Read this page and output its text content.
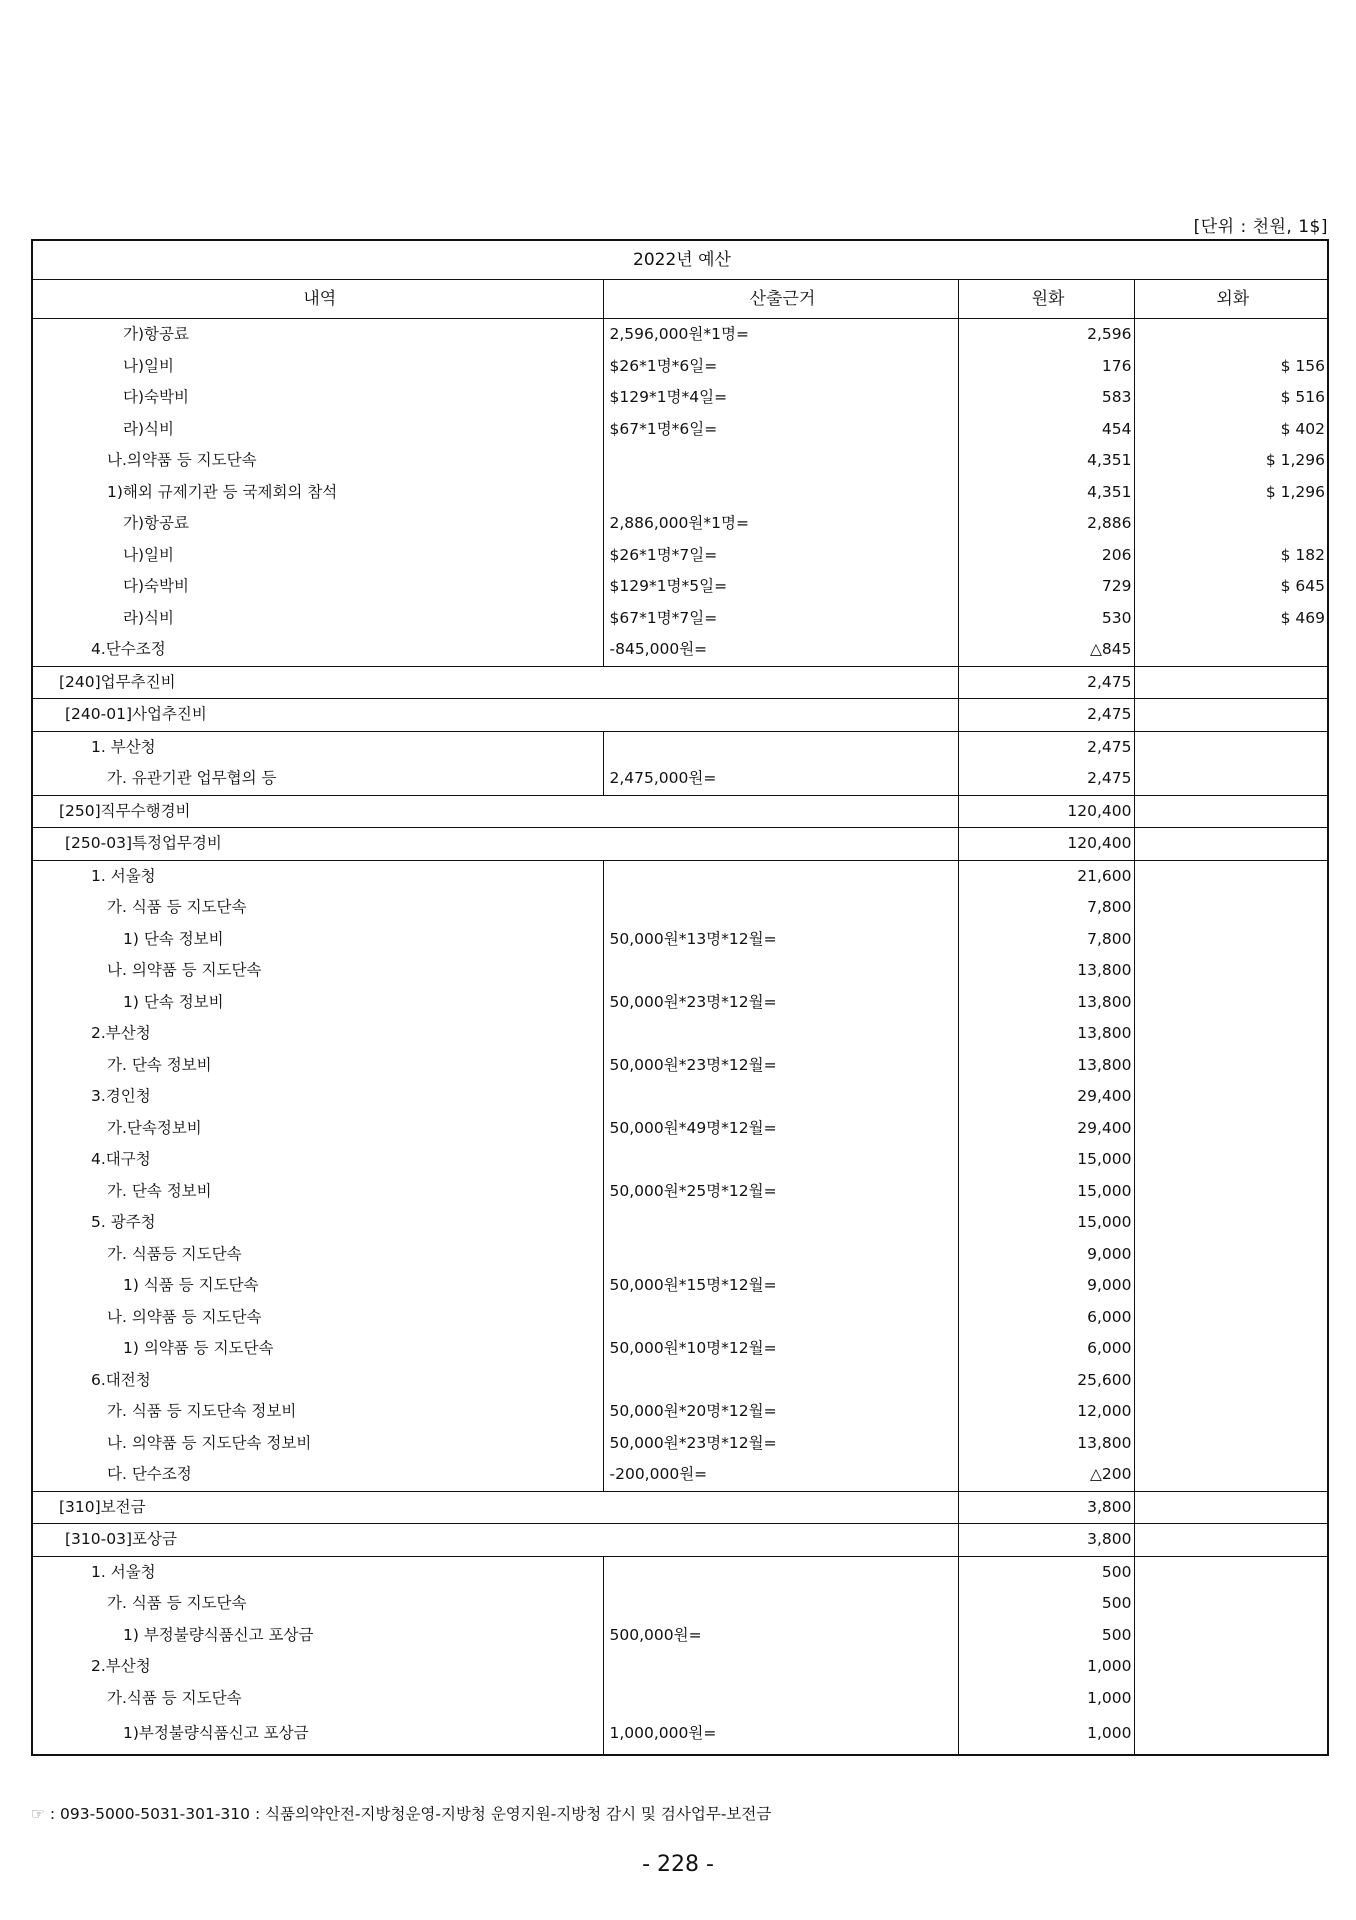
[단위 : 천원, 1$]
2022년 예산			
내역	산출근거	원화	외화
가)항공료	2,596,000원*1명=	2,596	
나)일비	$26*1명*6일=	176	$ 156
다)숙박비	$129*1명*4일=	583	$ 516
라)식비	$67*1명*6일=	454	$ 402
나.의약품 등 지도단속		4,351	$ 1,296
1)해외 규제기관 등 국제회의 참석		4,351	$ 1,296
가)항공료	2,886,000원*1명=	2,886	
나)일비	$26*1명*7일=	206	$ 182
다)숙박비	$129*1명*5일=	729	$ 645
라)식비	$67*1명*7일=	530	$ 469
4.단수조정	-845,000원=	△845	
[240]업무추진비		2,475	
[240-01]사업추진비		2,475	
1. 부산청		2,475	
가. 유관기관 업무협의 등	2,475,000원=	2,475	
[250]직무수행경비		120,400	
[250-03]특정업무경비		120,400	
1. 서울청		21,600	
가. 식품 등 지도단속		7,800	
1) 단속 정보비	50,000원*13명*12월=	7,800	
나. 의약품 등 지도단속		13,800	
1) 단속 정보비	50,000원*23명*12월=	13,800	
2.부산청		13,800	
가. 단속 정보비	50,000원*23명*12월=	13,800	
3.경인청		29,400	
가.단속정보비	50,000원*49명*12월=	29,400	
4.대구청		15,000	
가. 단속 정보비	50,000원*25명*12월=	15,000	
5. 광주청		15,000	
가. 식품등 지도단속		9,000	
1) 식품 등 지도단속	50,000원*15명*12월=	9,000	
나. 의약품 등 지도단속		6,000	
1) 의약품 등 지도단속	50,000원*10명*12월=	6,000	
6.대전청		25,600	
가. 식품 등 지도단속 정보비	50,000원*20명*12월=	12,000	
나. 의약품 등 지도단속 정보비	50,000원*23명*12월=	13,800	
다. 단수조정	-200,000원=	△200	
[310]보전금		3,800	
[310-03]포상금		3,800	
1. 서울청		500	
가. 식품 등 지도단속		500	
1) 부정불량식품신고 포상금	500,000원=	500	
2.부산청		1,000	
가.식품 등 지도단속		1,000	
1)부정불량식품신고 포상금	1,000,000원=	1,000	
☞ : 093-5000-5031-301-310 : 식품의약안전-지방청운영-지방청 운영지원-지방청 감시 및 검사업무-보전금
- 228 -
